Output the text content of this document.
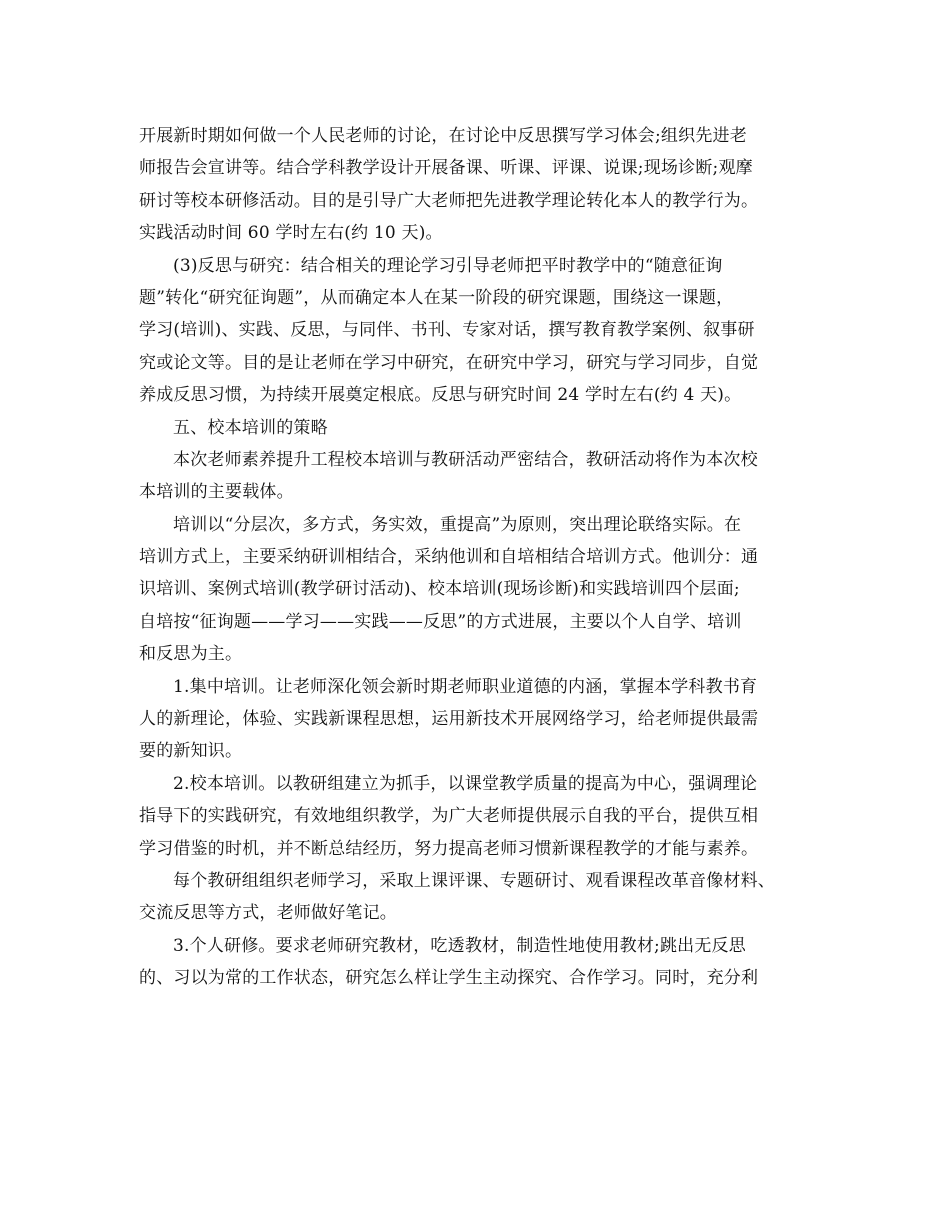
开展新时期如何做一个人民老师的讨论，在讨论中反思撰写学习体会;组织先进老
师报告会宣讲等。结合学科教学设计开展备课、听课、评课、说课;现场诊断;观摩
研讨等校本研修活动。目的是引导广大老师把先进教学理论转化本人的教学行为。
实践活动时间 60 学时左右(约 10 天)。
(3)反思与研究：结合相关的理论学习引导老师把平时教学中的“随意征询
题”转化“研究征询题”，从而确定本人在某一阶段的研究课题，围绕这一课题，
学习(培训)、实践、反思，与同伴、书刊、专家对话，撰写教育教学案例、叙事研
究或论文等。目的是让老师在学习中研究，在研究中学习，研究与学习同步，自觉
养成反思习惯，为持续开展奠定根底。反思与研究时间 24 学时左右(约 4 天)。
五、校本培训的策略
本次老师素养提升工程校本培训与教研活动严密结合，教研活动将作为本次校
本培训的主要载体。
培训以“分层次，多方式，务实效，重提高”为原则，突出理论联络实际。在
培训方式上，主要采纳研训相结合，采纳他训和自培相结合培训方式。他训分：通
识培训、案例式培训(教学研讨活动)、校本培训(现场诊断)和实践培训四个层面;
自培按“征询题——学习——实践——反思”的方式进展，主要以个人自学、培训
和反思为主。
1.集中培训。让老师深化领会新时期老师职业道德的内涵，掌握本学科教书育
人的新理论，体验、实践新课程思想，运用新技术开展网络学习，给老师提供最需
要的新知识。
2.校本培训。以教研组建立为抓手，以课堂教学质量的提高为中心，强调理论
指导下的实践研究，有效地组织教学，为广大老师提供展示自我的平台，提供互相
学习借鉴的时机，并不断总结经历，努力提高老师习惯新课程教学的才能与素养。
每个教研组组织老师学习，采取上课评课、专题研讨、观看课程改革音像材料、
交流反思等方式，老师做好笔记。
3.个人研修。要求老师研究教材，吃透教材，制造性地使用教材;跳出无反思
的、习以为常的工作状态，研究怎么样让学生主动探究、合作学习。同时，充分利
